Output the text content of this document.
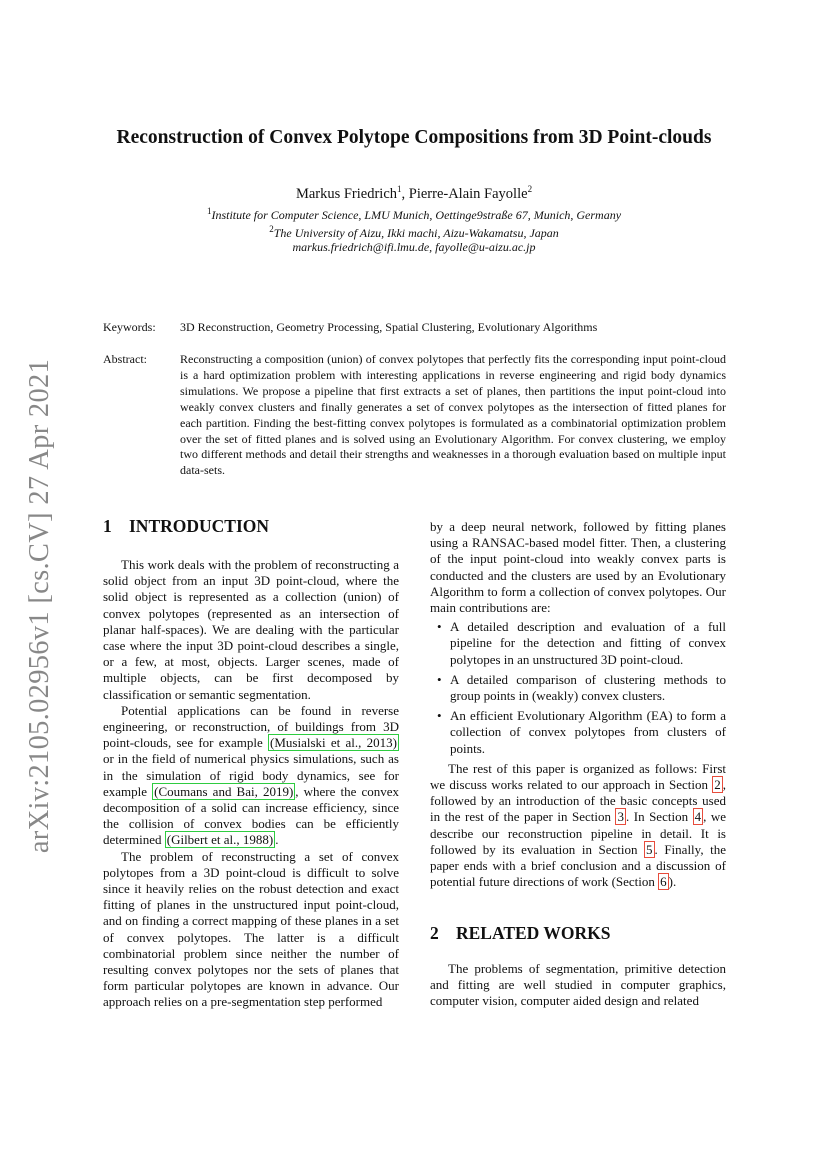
arXiv:2105.02956v1 [cs.CV] 27 Apr 2021
Reconstruction of Convex Polytope Compositions from 3D Point-clouds
Markus Friedrich$^1$, Pierre-Alain Fayolle$^2$
$^1$Institute for Computer Science, LMU Munich, Oettinge9straße 67, Munich, Germany
$^2$The University of Aizu, Ikki machi, Aizu-Wakamatsu, Japan
markus.friedrich@ifi.lmu.de, fayolle@u-aizu.ac.jp
Keywords: 3D Reconstruction, Geometry Processing, Spatial Clustering, Evolutionary Algorithms
Abstract:	Reconstructing a composition (union) of convex polytopes that perfectly fits the corresponding input point-cloud is a hard optimization problem with interesting applications in reverse engineering and rigid body dynamics simulations. We propose a pipeline that first extracts a set of planes, then partitions the input point-cloud into weakly convex clusters and finally generates a set of convex polytopes as the intersection of fitted planes for each partition. Finding the best-fitting convex polytopes is formulated as a combinatorial optimization problem over the set of fitted planes and is solved using an Evolutionary Algorithm. For convex clustering, we employ two different methods and detail their strengths and weaknesses in a thorough evaluation based on multiple input data-sets.
1 INTRODUCTION

This work deals with the problem of reconstructing a solid object from an input 3D point-cloud, where the solid object is represented as a collection (union) of convex polytopes (represented as an intersection of planar half-spaces). We are dealing with the particular case where the input 3D point-cloud describes a single, or a few, at most, objects. Larger scenes, made of multiple objects, can be first decomposed by classification or semantic segmentation.

Potential applications can be found in reverse engineering, or reconstruction, of buildings from 3D point-clouds, see for example (Musialski et al., 2013) or in the field of numerical physics simulations, such as in the simulation of rigid body dynamics, see for example (Coumans and Bai, 2019) , where the convex decomposition of a solid can increase efficiency, since the collision of convex bodies can be efficiently determined (Gilbert et al., 1988) .

The problem of reconstructing a set of convex polytopes from a 3D point-cloud is difficult to solve since it heavily relies on the robust detection and exact fitting of planes in the unstructured input point-cloud, and on finding a correct mapping of these planes in a set of convex polytopes. The latter is a difficult combinatorial problem since neither the number of resulting convex polytopes nor the sets of planes that form particular polytopes are known in advance. Our approach relies on a pre-segmentation step performed

by a deep neural network, followed by fitting planes using a RANSAC-based model fitter. Then, a clustering of the input point-cloud into weakly convex parts is conducted and the clusters are used by an Evolutionary Algorithm to form a collection of convex polytopes. Our main contributions are:

• A detailed description and evaluation of a full pipeline for the detection and fitting of convex polytopes in an unstructured 3D point-cloud.
• A detailed comparison of clustering methods to group points in (weakly) convex clusters.
• An efficient Evolutionary Algorithm (EA) to form a collection of convex polytopes from clusters of points.

The rest of this paper is organized as follows: First we discuss works related to our approach in Section 2 , followed by an introduction of the basic concepts used in the rest of the paper in Section 3 . In Section 4 , we describe our reconstruction pipeline in detail. It is followed by its evaluation in Section 5 . Finally, the paper ends with a brief conclusion and a discussion of potential future directions of work (Section 6 ).

2 RELATED WORKS

The problems of segmentation, primitive detection and fitting are well studied in computer graphics, computer vision, computer aided design and related
